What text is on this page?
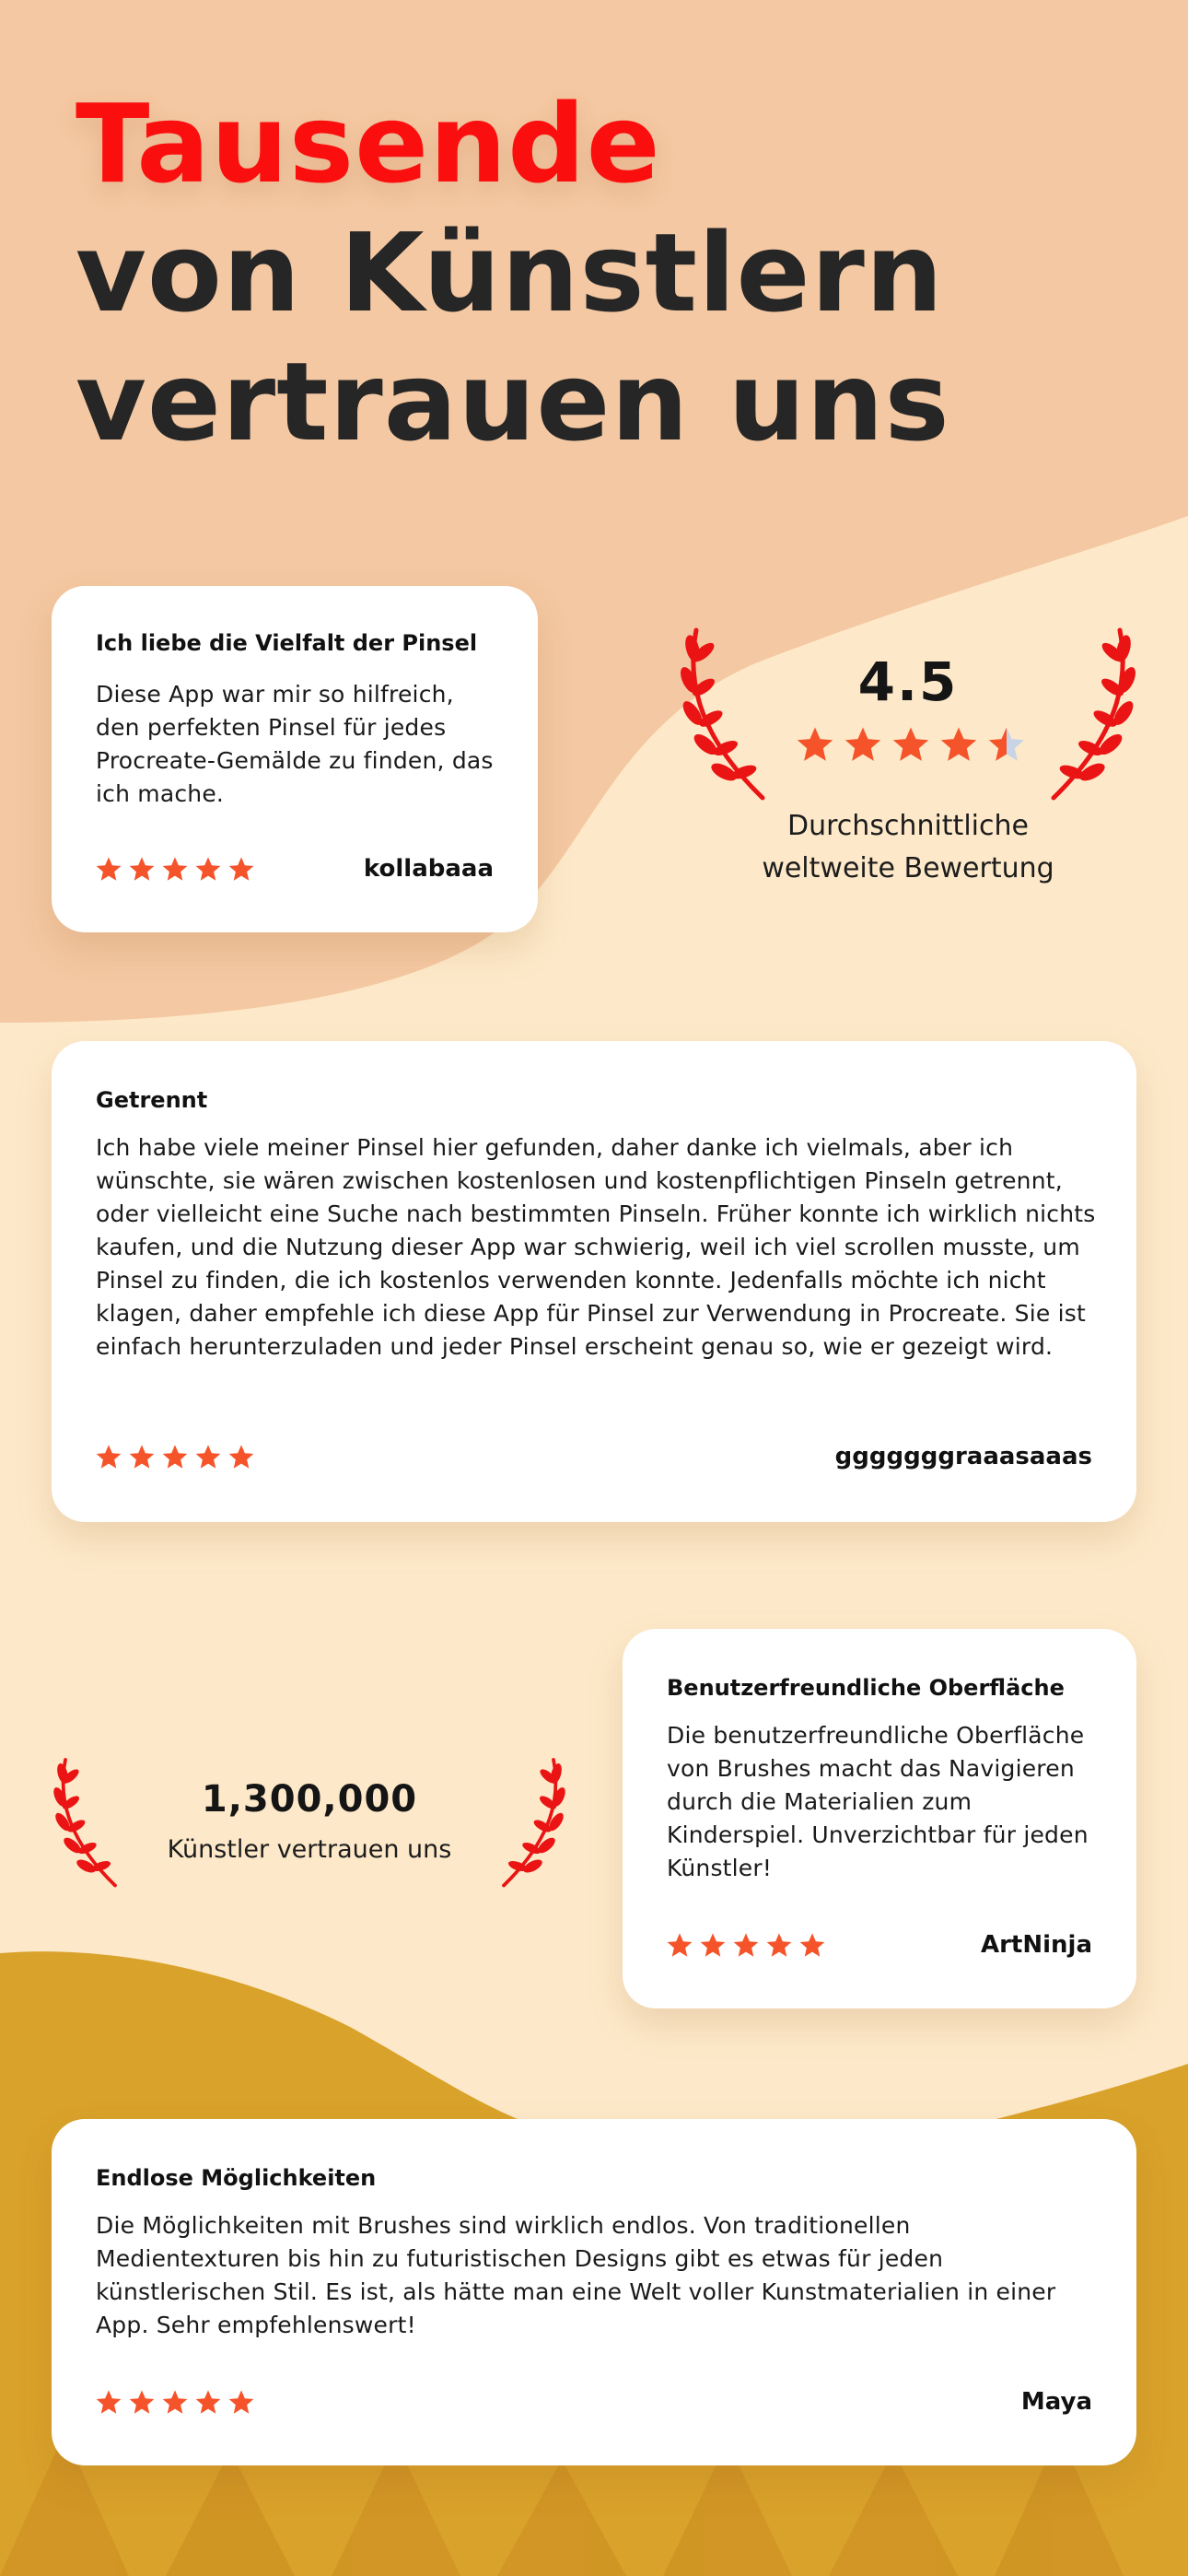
Tausende
von Künstlern
vertrauen uns
Ich liebe die Vielfalt der Pinsel
Diese App war mir so hilfreich, den perfekten Pinsel für jedes Procreate-Gemälde zu finden, das ich mache.
kollabaaa
4.5
Durchschnittliche
weltweite Bewertung
Getrennt
Ich habe viele meiner Pinsel hier gefunden, daher danke ich vielmals, aber ich wünschte, sie wären zwischen kostenlosen und kostenpflichtigen Pinseln getrennt, oder vielleicht eine Suche nach bestimmten Pinseln. Früher konnte ich wirklich nichts kaufen, und die Nutzung dieser App war schwierig, weil ich viel scrollen musste, um Pinsel zu finden, die ich kostenlos verwenden konnte. Jedenfalls möchte ich nicht klagen, daher empfehle ich diese App für Pinsel zur Verwendung in Procreate. Sie ist einfach herunterzuladen und jeder Pinsel erscheint genau so, wie er gezeigt wird.
gggggggraaasaaas
1,300,000
Künstler vertrauen uns
Benutzerfreundliche Oberfläche
Die benutzerfreundliche Oberfläche von Brushes macht das Navigieren durch die Materialien zum Kinderspiel. Unverzichtbar für jeden Künstler!
ArtNinja
Endlose Möglichkeiten
Die Möglichkeiten mit Brushes sind wirklich endlos. Von traditionellen Medientexturen bis hin zu futuristischen Designs gibt es etwas für jeden künstlerischen Stil. Es ist, als hätte man eine Welt voller Kunstmaterialien in einer App. Sehr empfehlenswert!
Maya
